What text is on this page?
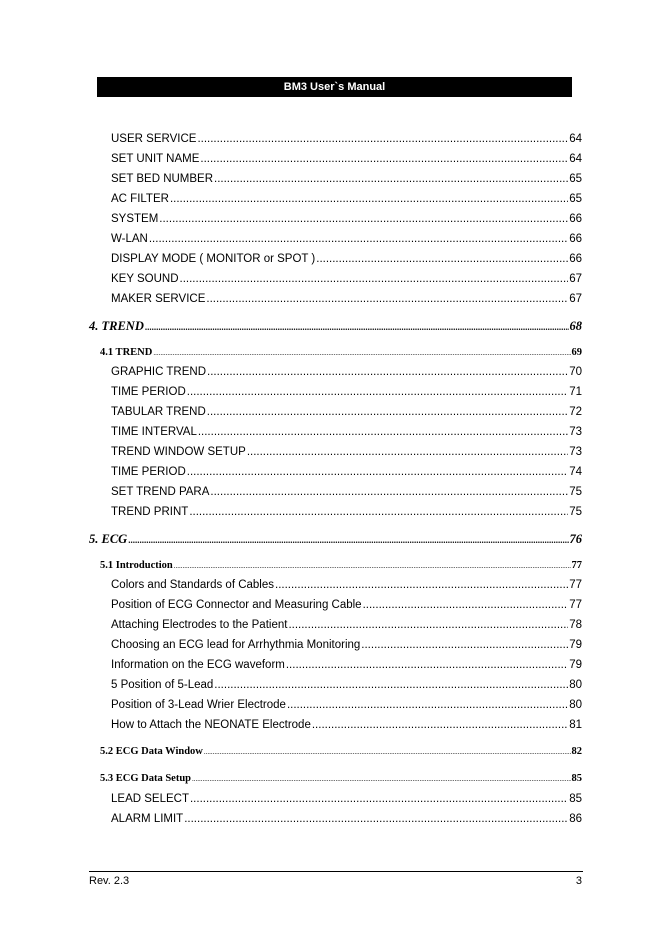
BM3 User`s Manual
USER SERVICE .....	64
SET UNIT NAME .....	64
SET BED NUMBER .....	65
AC FILTER .....	65
SYSTEM .....	66
W-LAN .....	66
DISPLAY MODE ( MONITOR or SPOT ) .....	66
KEY SOUND .....	67
MAKER SERVICE .....	67
4. TREND .....	68
4.1 TREND .....	69
GRAPHIC TREND .....	70
TIME PERIOD .....	71
TABULAR TREND .....	72
TIME INTERVAL .....	73
TREND WINDOW SETUP .....	73
TIME PERIOD .....	74
SET TREND PARA .....	75
TREND PRINT .....	75
5. ECG .....	76
5.1 Introduction .....	77
Colors and Standards of Cables .....	77
Position of ECG Connector and Measuring Cable .....	77
Attaching Electrodes to the Patient .....	78
Choosing an ECG lead for Arrhythmia Monitoring .....	79
Information on the ECG waveform .....	79
5 Position of 5-Lead .....	80
Position of 3-Lead Wrier Electrode .....	80
How to Attach the NEONATE Electrode .....	81
5.2 ECG Data Window .....	82
5.3 ECG Data Setup .....	85
LEAD SELECT .....	85
ALARM LIMIT .....	86
Rev. 2.3	3
